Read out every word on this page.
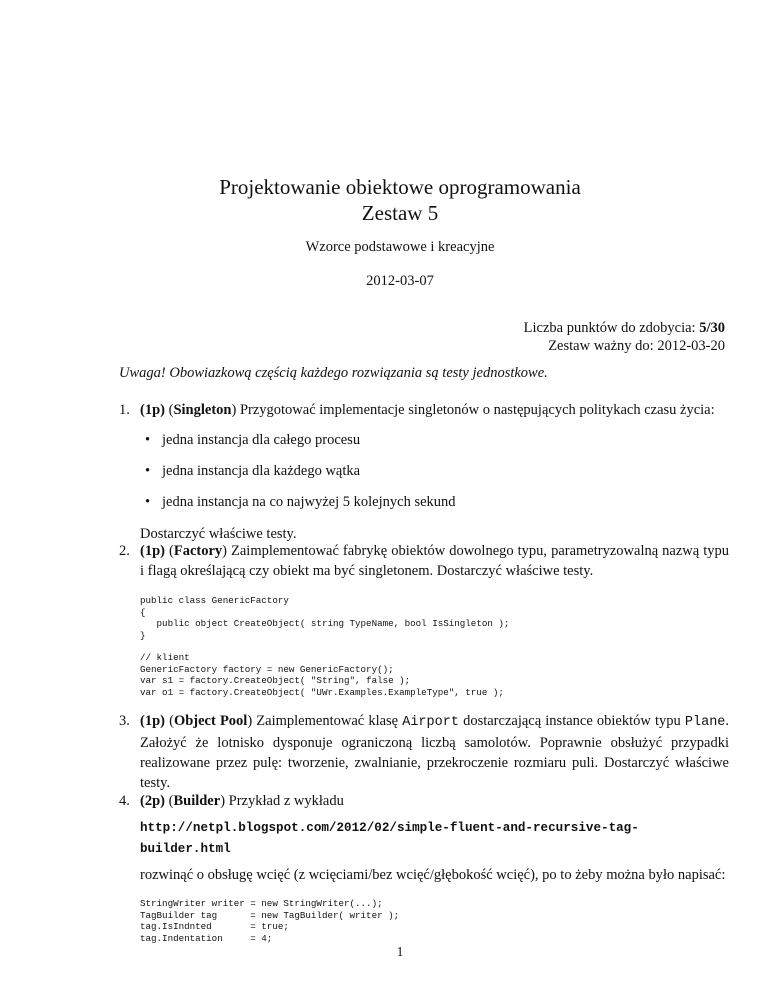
Projektowanie obiektowe oprogramowania
Zestaw 5
Wzorce podstawowe i kreacyjne
2012-03-07
Liczba punktów do zdobycia: 5/30
Zestaw ważny do: 2012-03-20
Uwaga! Obowiazkową częścią każdego rozwiązania są testy jednostkowe.
1. (1p) (Singleton) Przygotować implementacje singletonów o następujących politykach czasu życia:
• jedna instancja dla całego procesu
• jedna instancja dla każdego wątka
• jedna instancja na co najwyżej 5 kolejnych sekund
Dostarczyć właściwe testy.
2. (1p) (Factory) Zaimplementować fabrykę obiektów dowolnego typu, parametryzowalną nazwą typu i flagą określającą czy obiekt ma być singletonem. Dostarczyć właściwe testy.
public class GenericFactory
{
public object CreateObject( string TypeName, bool IsSingleton );
}
// klient
GenericFactory factory = new GenericFactory();
var s1 = factory.CreateObject( "String", false );
var o1 = factory.CreateObject( "UWr.Examples.ExampleType", true );
3. (1p) (Object Pool) Zaimplementować klasę Airport dostarczającą instance obiektów typu Plane. Założyć że lotnisko dysponuje ograniczoną liczbą samolotów. Poprawnie obsłużyć przypadki realizowane przez pulę: tworzenie, zwalnianie, przekroczenie rozmiaru puli. Dostarczyć właściwe testy.
4. (2p) (Builder) Przykład z wykładu
http://netpl.blogspot.com/2012/02/simple-fluent-and-recursive-tag-builder.html
rozwinąć o obsługę wcięć (z wcięciami/bez wcięć/głębokość wcięć), po to żeby można było napisać:
StringWriter writer = new StringWriter(...);
TagBuilder tag      = new TagBuilder( writer );
tag.IsIndnted       = true;
tag.Indentation     = 4;
1
